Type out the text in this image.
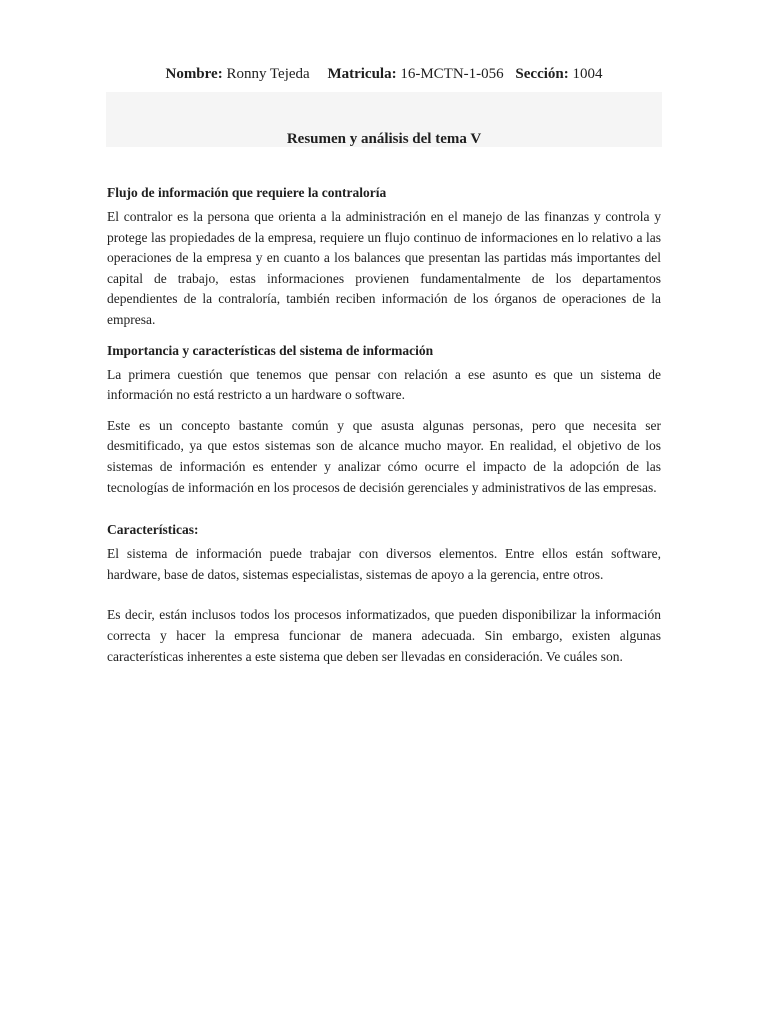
Nombre: Ronny Tejeda Matricula: 16-MCTN-1-056 Sección: 1004
Resumen y análisis del tema V
Flujo de información que requiere la contraloría

El contralor es la persona que orienta a la administración en el manejo de las finanzas y controla y protege las propiedades de la empresa, requiere un flujo continuo de informaciones en lo relativo a las operaciones de la empresa y en cuanto a los balances que presentan las partidas más importantes del capital de trabajo, estas informaciones provienen fundamentalmente de los departamentos dependientes de la contraloría, también reciben información de los órganos de operaciones de la empresa.

Importancia y características del sistema de información

La primera cuestión que tenemos que pensar con relación a ese asunto es que un sistema de información no está restricto a un hardware o software.

Este es un concepto bastante común y que asusta algunas personas, pero que necesita ser desmitificado, ya que estos sistemas son de alcance mucho mayor. En realidad, el objetivo de los sistemas de información es entender y analizar cómo ocurre el impacto de la adopción de las tecnologías de información en los procesos de decisión gerenciales y administrativos de las empresas.

Características:

El sistema de información puede trabajar con diversos elementos. Entre ellos están software, hardware, base de datos, sistemas especialistas, sistemas de apoyo a la gerencia, entre otros.

Es decir, están inclusos todos los procesos informatizados, que pueden disponibilizar la información correcta y hacer la empresa funcionar de manera adecuada. Sin embargo, existen algunas características inherentes a este sistema que deben ser llevadas en consideración. Ve cuáles son.
